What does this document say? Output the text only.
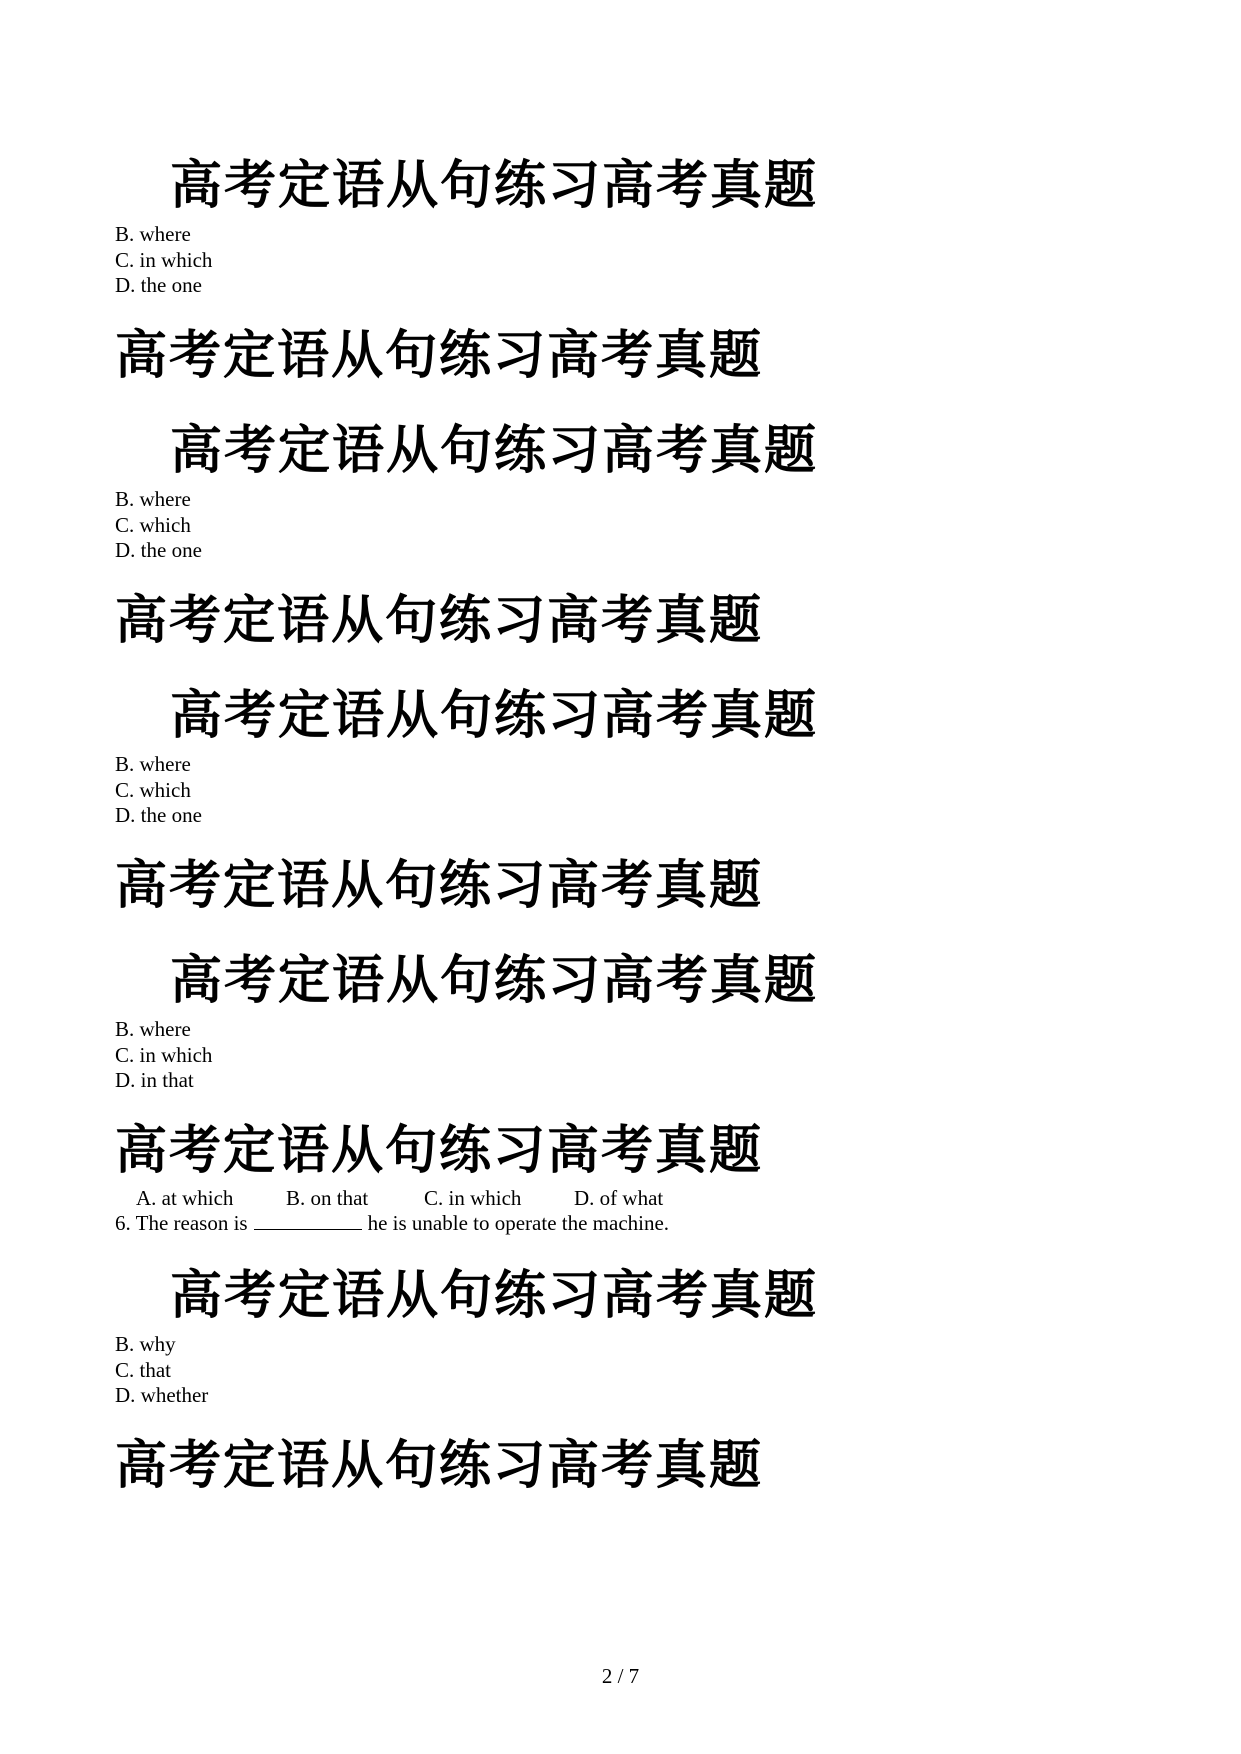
高考定语从句练习高考真题
B. where
C. in which
D. the one
高考定语从句练习高考真题
高考定语从句练习高考真题
B. where
C. which
D. the one
高考定语从句练习高考真题
高考定语从句练习高考真题
B. where
C. which
D. the one
高考定语从句练习高考真题
高考定语从句练习高考真题
B. where
C. in which
D. in that
高考定语从句练习高考真题
A. at which	B. on that	C. in which	D. of what
6. The reason is	he is unable to operate the machine.
高考定语从句练习高考真题
B. why
C. that
D. whether
高考定语从句练习高考真题
2 / 7
